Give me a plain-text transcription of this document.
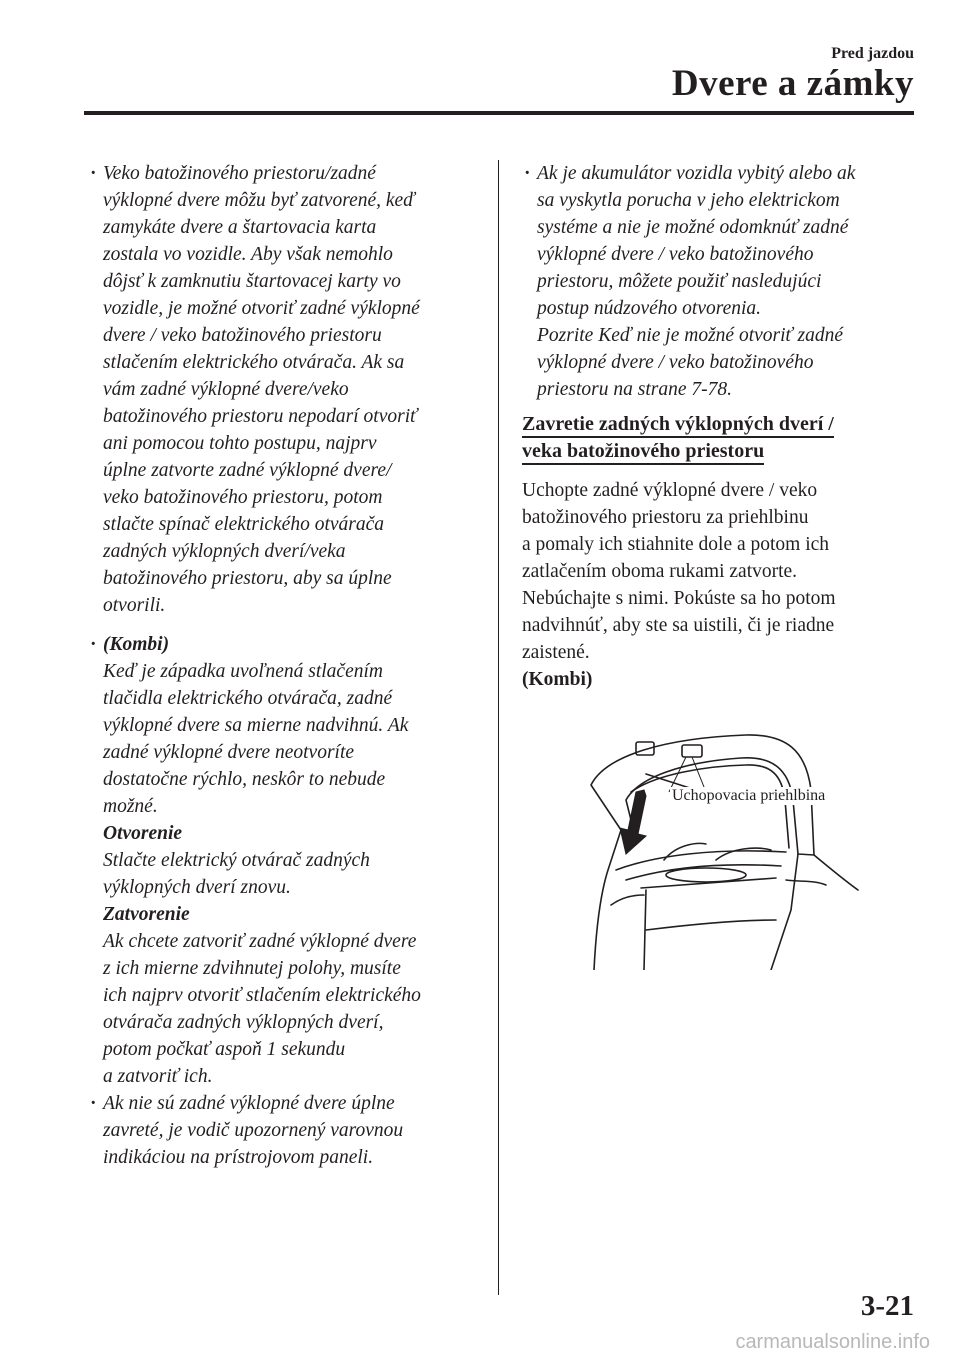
Pred jazdou
Dvere a zámky
· Veko batožinového priestoru/zadné

výklopné dvere môžu byť zatvorené, keď

zamykáte dvere a štartovacia karta

zostala vo vozidle. Aby však nemohlo

dôjsť k zamknutiu štartovacej karty vo

vozidle, je možné otvoriť zadné výklopné

dvere / veko batožinového priestoru

stlačením elektrického otvárača. Ak sa

vám zadné výklopné dvere/veko

batožinového priestoru nepodarí otvoriť

ani pomocou tohto postupu, najprv

úplne zatvorte zadné výklopné dvere/

veko batožinového priestoru, potom

stlačte spínač elektrického otvárača

zadných výklopných dverí/veka

batožinového priestoru, aby sa úplne

otvorili.

· (Kombi)

Keď je západka uvoľnená stlačením

tlačidla elektrického otvárača, zadné

výklopné dvere sa mierne nadvihnú. Ak

zadné výklopné dvere neotvoríte

dostatočne rýchlo, neskôr to nebude

možné.

Otvorenie

Stlačte elektrický otvárač zadných

výklopných dverí znovu.

Zatvorenie

Ak chcete zatvoriť zadné výklopné dvere

z ich mierne zdvihnutej polohy, musíte

ich najprv otvoriť stlačením elektrického

otvárača zadných výklopných dverí,

potom počkať aspoň 1 sekundu

a zatvoriť ich.

· Ak nie sú zadné výklopné dvere úplne

zavreté, je vodič upozornený varovnou

indikáciou na prístrojovom paneli.

· Ak je akumulátor vozidla vybitý alebo ak

sa vyskytla porucha v jeho elektrickom

systéme a nie je možné odomknúť zadné

výklopné dvere / veko batožinového

priestoru, môžete použiť nasledujúci

postup núdzového otvorenia.

Pozrite Keď nie je možné otvoriť zadné

výklopné dvere / veko batožinového

priestoru na strane 7-78.

Zavretie zadných výklopných dverí /
veka batožinového priestoru

Uchopte zadné výklopné dvere / veko

batožinového priestoru za priehlbinu

a pomaly ich stiahnite dole a potom ich

zatlačením oboma rukami zatvorte.

Nebúchajte s nimi. Pokúste sa ho potom

nadvihnúť, aby ste sa uistili, či je riadne

zaistené.

(Kombi)

Uchopovacia priehlbina
3-21
carmanualsonline.info
